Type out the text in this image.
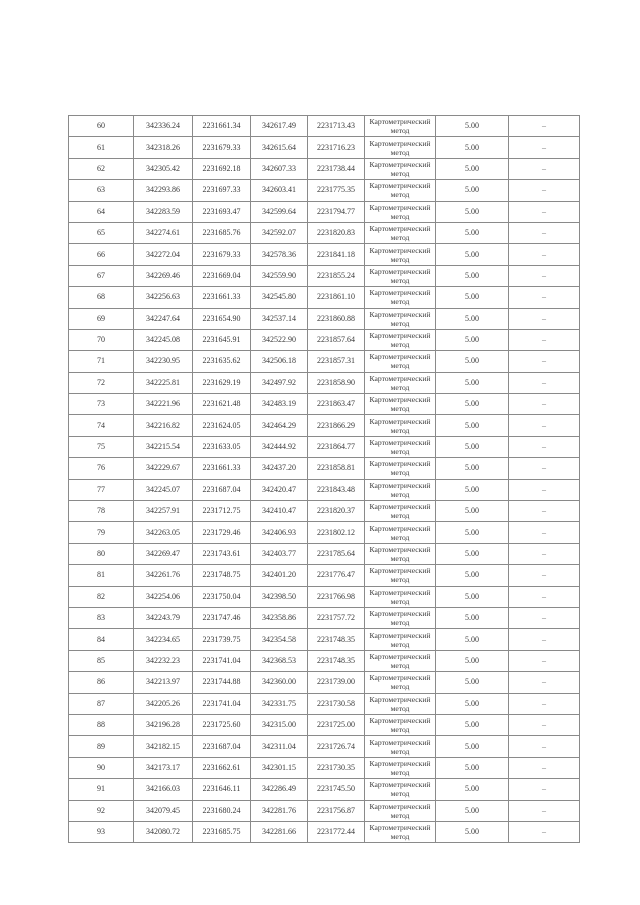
60	342336.24	2231661.34	342617.49	2231713.43	Картометрический метод	5.00	–
61	342318.26	2231679.33	342615.64	2231716.23	Картометрический метод	5.00	–
62	342305.42	2231692.18	342607.33	2231738.44	Картометрический метод	5.00	–
63	342293.86	2231697.33	342603.41	2231775.35	Картометрический метод	5.00	–
64	342283.59	2231693.47	342599.64	2231794.77	Картометрический метод	5.00	–
65	342274.61	2231685.76	342592.07	2231820.83	Картометрический метод	5.00	–
66	342272.04	2231679.33	342578.36	2231841.18	Картометрический метод	5.00	–
67	342269.46	2231669.04	342559.90	2231855.24	Картометрический метод	5.00	–
68	342256.63	2231661.33	342545.80	2231861.10	Картометрический метод	5.00	–
69	342247.64	2231654.90	342537.14	2231860.88	Картометрический метод	5.00	–
70	342245.08	2231645.91	342522.90	2231857.64	Картометрический метод	5.00	–
71	342230.95	2231635.62	342506.18	2231857.31	Картометрический метод	5.00	–
72	342225.81	2231629.19	342497.92	2231858.90	Картометрический метод	5.00	–
73	342221.96	2231621.48	342483.19	2231863.47	Картометрический метод	5.00	–
74	342216.82	2231624.05	342464.29	2231866.29	Картометрический метод	5.00	–
75	342215.54	2231633.05	342444.92	2231864.77	Картометрический метод	5.00	–
76	342229.67	2231661.33	342437.20	2231858.81	Картометрический метод	5.00	–
77	342245.07	2231687.04	342420.47	2231843.48	Картометрический метод	5.00	–
78	342257.91	2231712.75	342410.47	2231820.37	Картометрический метод	5.00	–
79	342263.05	2231729.46	342406.93	2231802.12	Картометрический метод	5.00	–
80	342269.47	2231743.61	342403.77	2231785.64	Картометрический метод	5.00	–
81	342261.76	2231748.75	342401.20	2231776.47	Картометрический метод	5.00	–
82	342254.06	2231750.04	342398.50	2231766.98	Картометрический метод	5.00	–
83	342243.79	2231747.46	342358.86	2231757.72	Картометрический метод	5.00	–
84	342234.65	2231739.75	342354.58	2231748.35	Картометрический метод	5.00	–
85	342232.23	2231741.04	342368.53	2231748.35	Картометрический метод	5.00	–
86	342213.97	2231744.88	342360.00	2231739.00	Картометрический метод	5.00	–
87	342205.26	2231741.04	342331.75	2231730.58	Картометрический метод	5.00	–
88	342196.28	2231725.60	342315.00	2231725.00	Картометрический метод	5.00	–
89	342182.15	2231687.04	342311.04	2231726.74	Картометрический метод	5.00	–
90	342173.17	2231662.61	342301.15	2231730.35	Картометрический метод	5.00	–
91	342166.03	2231646.11	342286.49	2231745.50	Картометрический метод	5.00	–
92	342079.45	2231680.24	342281.76	2231756.87	Картометрический метод	5.00	–
93	342080.72	2231685.75	342281.66	2231772.44	Картометрический метод	5.00	–
